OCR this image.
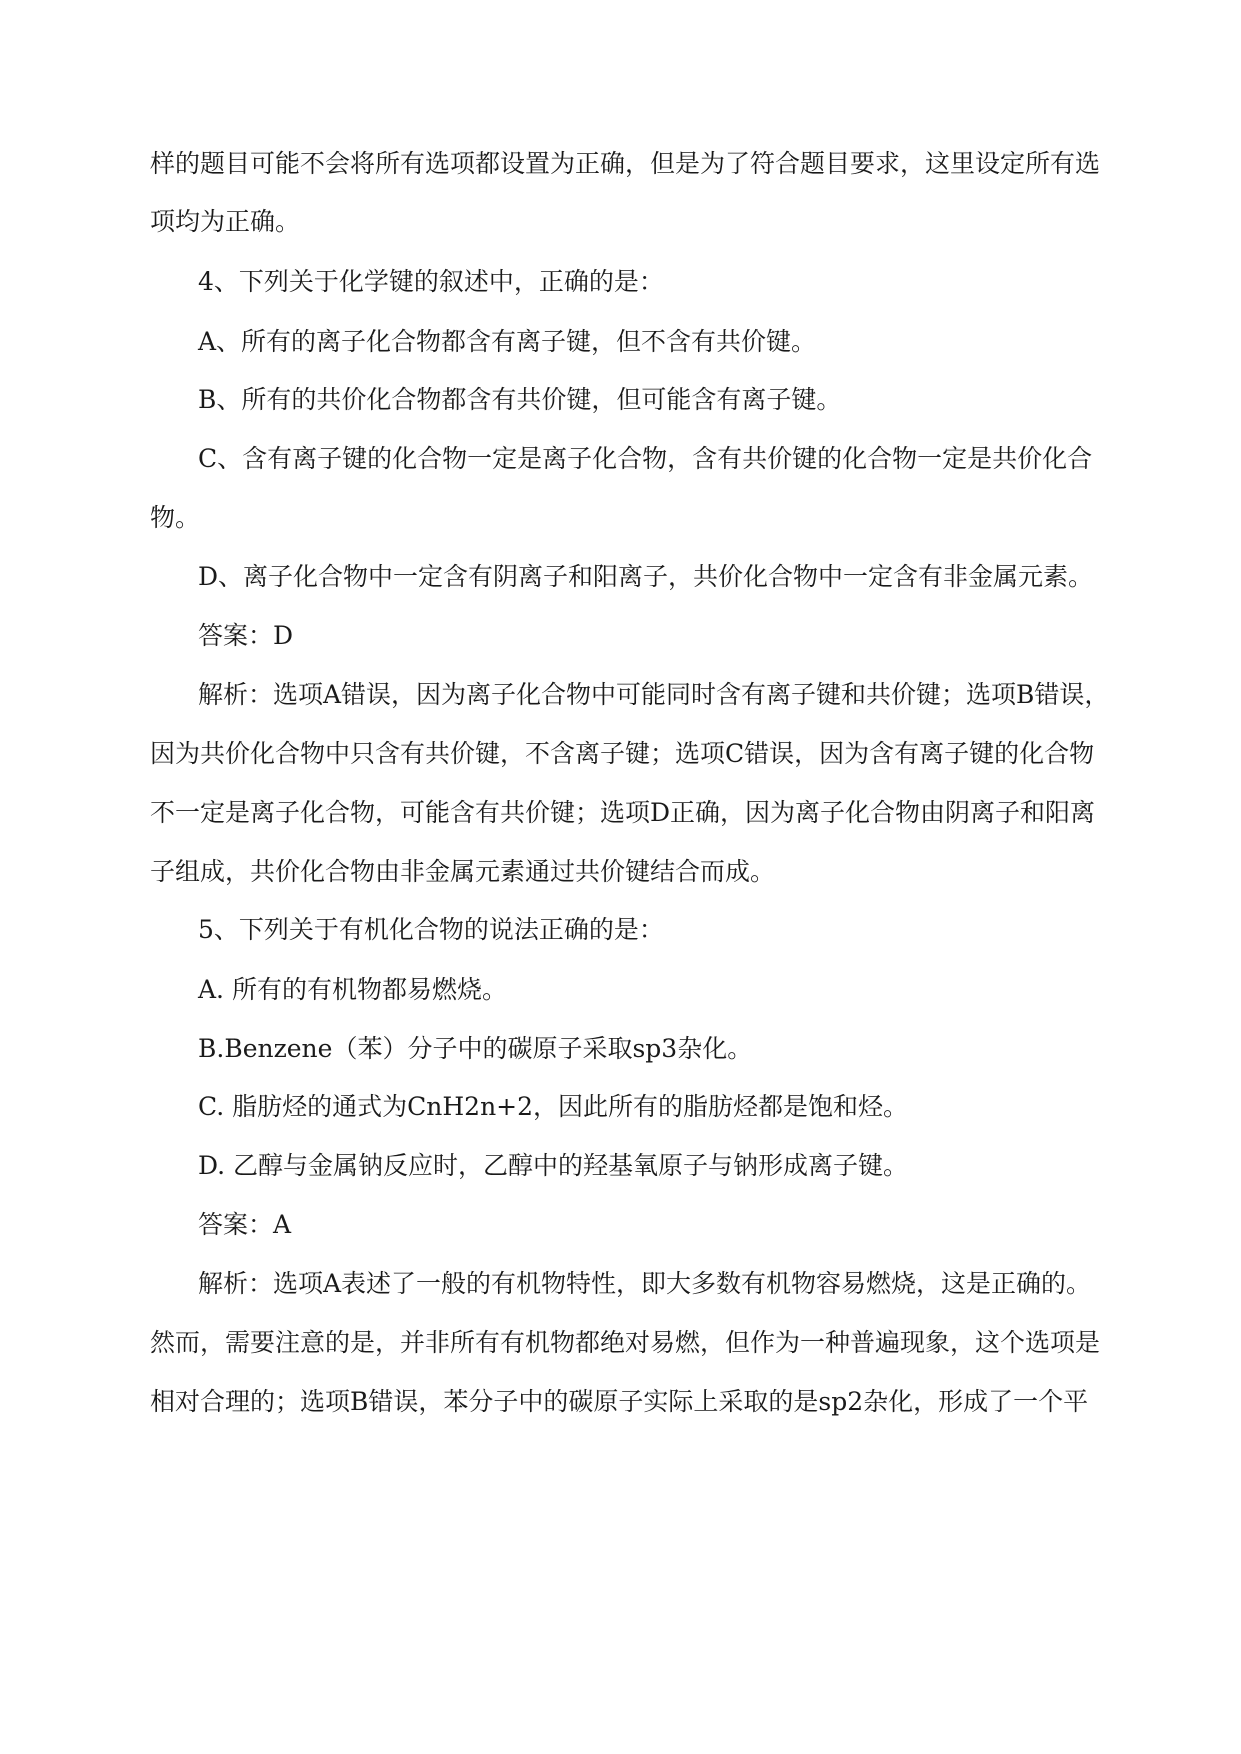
样的题目可能不会将所有选项都设置为正确，但是为了符合题目要求，这里设定所有选
项均为正确。
4、下列关于化学键的叙述中，正确的是：
A、所有的离子化合物都含有离子键，但不含有共价键。
B、所有的共价化合物都含有共价键，但可能含有离子键。
C、含有离子键的化合物一定是离子化合物，含有共价键的化合物一定是共价化合
物。
D、离子化合物中一定含有阴离子和阳离子，共价化合物中一定含有非金属元素。
答案：D
解析：选项A错误，因为离子化合物中可能同时含有离子键和共价键；选项B错误，
因为共价化合物中只含有共价键，不含离子键；选项C错误，因为含有离子键的化合物
不一定是离子化合物，可能含有共价键；选项D正确，因为离子化合物由阴离子和阳离
子组成，共价化合物由非金属元素通过共价键结合而成。
5、下列关于有机化合物的说法正确的是：
A. 所有的有机物都易燃烧。
B.Benzene（苯）分子中的碳原子采取sp3杂化。
C. 脂肪烃的通式为CnH2n+2，因此所有的脂肪烃都是饱和烃。
D. 乙醇与金属钠反应时，乙醇中的羟基氧原子与钠形成离子键。
答案：A
解析：选项A表述了一般的有机物特性，即大多数有机物容易燃烧，这是正确的。
然而，需要注意的是，并非所有有机物都绝对易燃，但作为一种普遍现象，这个选项是
相对合理的；选项B错误，苯分子中的碳原子实际上采取的是sp2杂化，形成了一个平
